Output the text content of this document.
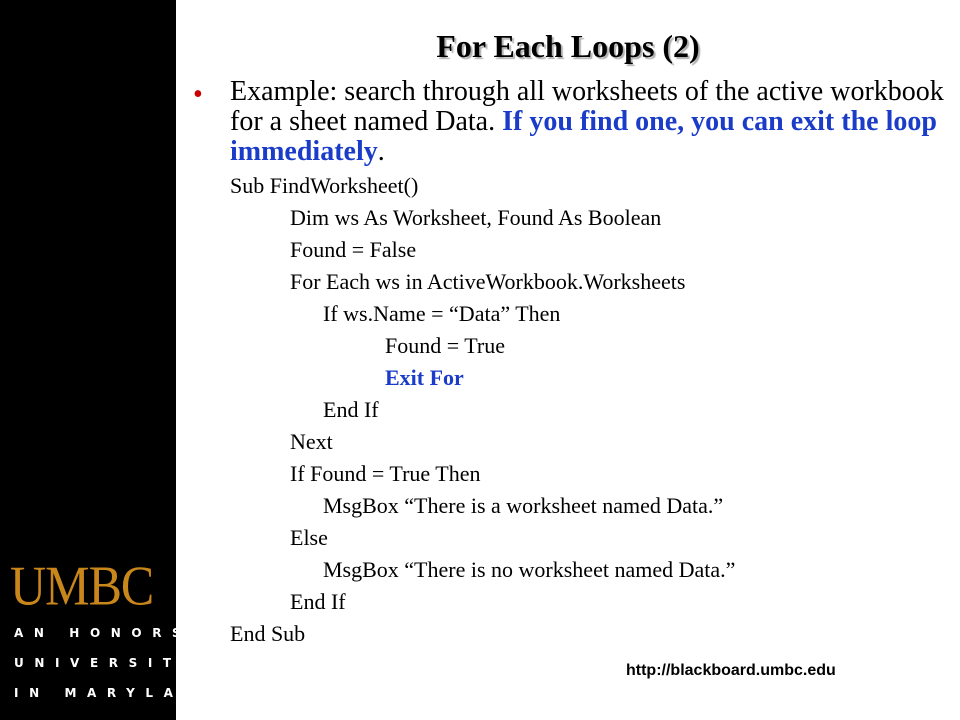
UMBC
AN HONORS
UNIVERSITY
IN MARYLAND
For Each Loops (2)
• Example: search through all worksheets of the active workbook for a sheet named Data. If you find one, you can exit the loop immediately.
Sub FindWorksheet()
Dim ws As Worksheet, Found As Boolean
Found = False
For Each ws in ActiveWorkbook.Worksheets
If ws.Name = “Data” Then
Found = True
Exit For
End If
Next
If Found = True Then
MsgBox “There is a worksheet named Data.”
Else
MsgBox “There is no worksheet named Data.”
End If
End Sub
http://blackboard.umbc.edu
